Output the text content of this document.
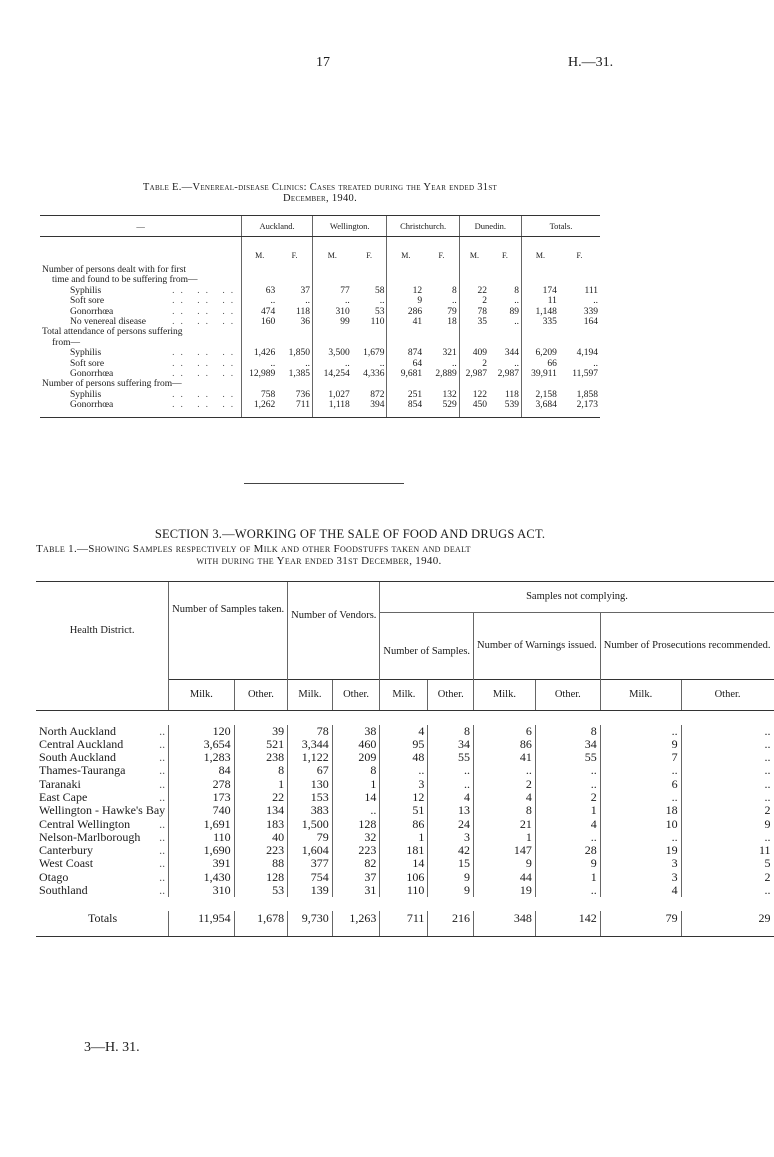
17	H.—31.
Table E.—Venereal-disease Clinics: Cases treated during the Year ended 31st
December, 1940.
—	Auckland.		Wellington.		Christchurch.		Dunedin.		Totals.	
	M.	F.	M.	F.	M.	F.	M.	F.	M.	F.
Number of persons dealt with for first										
time and found to be suffering from—										
Syphilis .. .. ..	63	37	77	58	12	8	22	8	174	111
Soft sore .. .. ..	..	..	..	..	9	..	2	..	11	..
Gonorrhœa .. .. ..	474	118	310	53	286	79	78	89	1,148	339
No venereal disease .. .. ..	160	36	99	110	41	18	35	..	335	164
Total attendance of persons suffering										
from—										
Syphilis .. .. ..	1,426	1,850	3,500	1,679	874	321	409	344	6,209	4,194
Soft sore .. .. ..	..	..	..	..	64	..	2	..	66	..
Gonorrhœa .. .. ..	12,989	1,385	14,254	4,336	9,681	2,889	2,987	2,987	39,911	11,597
Number of persons suffering from—										
Syphilis .. .. ..	758	736	1,027	872	251	132	122	118	2,158	1,858
Gonorrhœa .. .. ..	1,262	711	1,118	394	854	529	450	539	3,684	2,173
SECTION 3.—WORKING OF THE SALE OF FOOD AND DRUGS ACT.
Table 1.—Showing Samples respectively of Milk and other Foodstuffs taken and dealt
with during the Year ended 31st December, 1940.
Health District.	Number of Samples taken.		Number of Vendors.		Samples not complying.					
					Number of Samples.		Number of Warnings issued.		Number of Prosecutions recommended.	
	Milk.	Other.	Milk.	Other.	Milk.	Other.	Milk.	Other.	Milk.	Other.

North Auckland ..	120	39	78	38	4	8	6	8	..	..
Central Auckland ..	3,654	521	3,344	460	95	34	86	34	9	..
South Auckland ..	1,283	238	1,122	209	48	55	41	55	7	..
Thames-Tauranga ..	84	8	67	8	..	..	..	..	..	..
Taranaki ..	278	1	130	1	3	..	2	..	6	..
East Cape ..	173	22	153	14	12	4	4	2	..	..
Wellington - Hawke's Bay	740	134	383	..	51	13	8	1	18	2
Central Wellington ..	1,691	183	1,500	128	86	24	21	4	10	9
Nelson-Marlborough ..	110	40	79	32	1	3	1	..	..	..
Canterbury ..	1,690	223	1,604	223	181	42	147	28	19	11
West Coast ..	391	88	377	82	14	15	9	9	3	5
Otago ..	1,430	128	754	37	106	9	44	1	3	2
Southland ..	310	53	139	31	110	9	19	..	4	..

Totals	11,954	1,678	9,730	1,263	711	216	348	142	79	29
3—H. 31.
